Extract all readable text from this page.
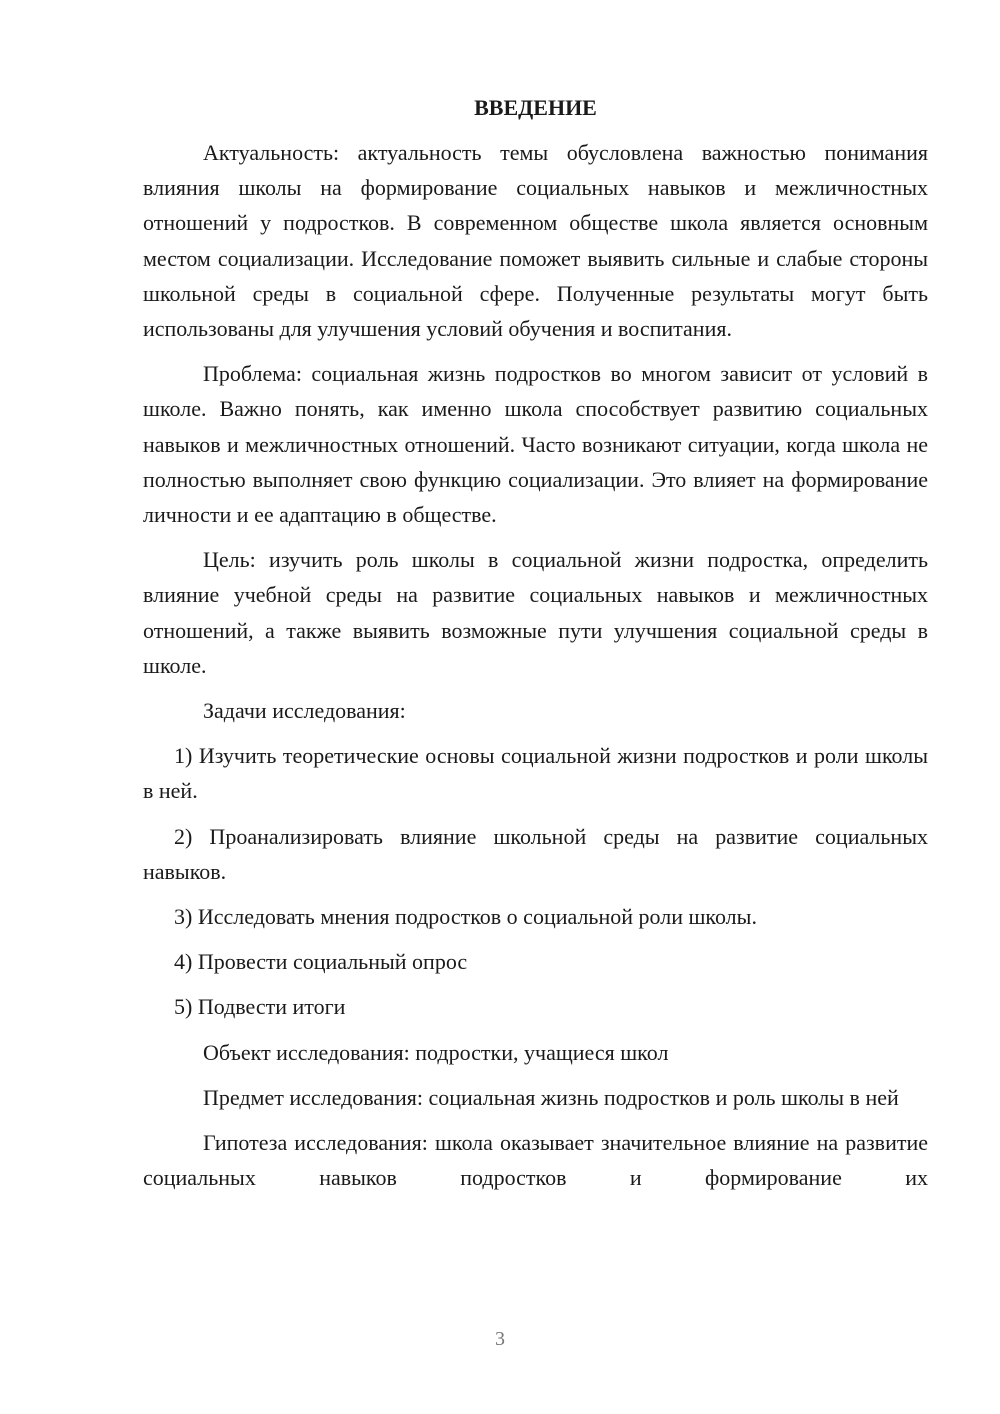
ВВЕДЕНИЕ

Актуальность: актуальность темы обусловлена важностью понимания влияния школы на формирование социальных навыков и межличностных отношений у подростков. В современном обществе школа является основным местом социализации. Исследование поможет выявить сильные и слабые стороны школьной среды в социальной сфере. Полученные результаты могут быть использованы для улучшения условий обучения и воспитания.

Проблема: социальная жизнь подростков во многом зависит от условий в школе. Важно понять, как именно школа способствует развитию социальных навыков и межличностных отношений. Часто возникают ситуации, когда школа не полностью выполняет свою функцию социализации. Это влияет на формирование личности и ее адаптацию в обществе.

Цель: изучить роль школы в социальной жизни подростка, определить влияние учебной среды на развитие социальных навыков и межличностных отношений, а также выявить возможные пути улучшения социальной среды в школе.

Задачи исследования:

1) Изучить теоретические основы социальной жизни подростков и роли школы в ней.

2) Проанализировать влияние школьной среды на развитие социальных навыков.

3) Исследовать мнения подростков о социальной роли школы.

4) Провести социальный опрос

5) Подвести итоги

Объект исследования: подростки, учащиеся школ

Предмет исследования: социальная жизнь подростков и роль школы в ней

Гипотеза исследования: школа оказывает значительное влияние на развитие социальных навыков подростков и формирование их

3
